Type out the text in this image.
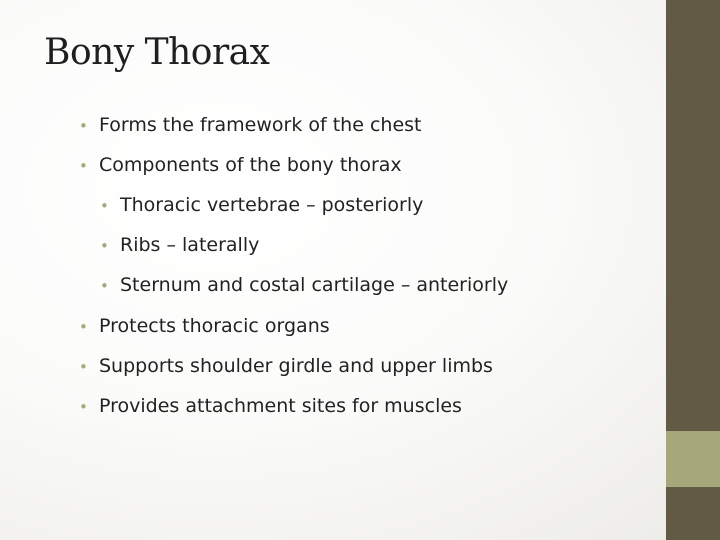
Bony Thorax
• Forms the framework of the chest
• Components of the bony thorax
• Thoracic vertebrae – posteriorly
• Ribs – laterally
• Sternum and costal cartilage – anteriorly
• Protects thoracic organs
• Supports shoulder girdle and upper limbs
• Provides attachment sites for muscles
